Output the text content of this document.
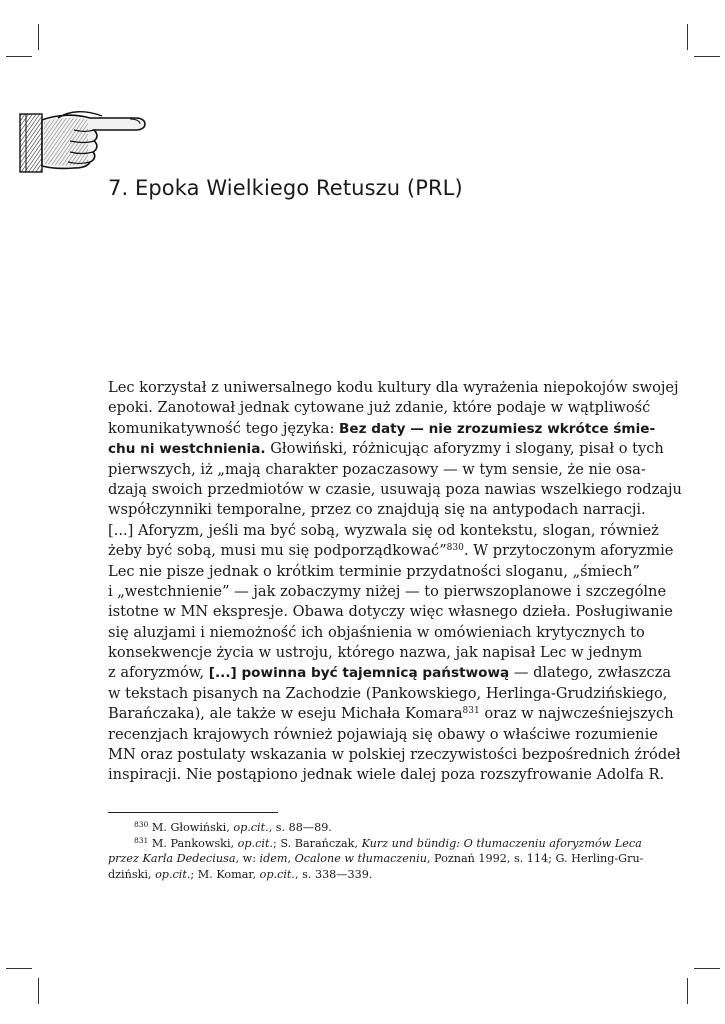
7. Epoka Wielkiego Retuszu (PRL)
Lec korzystał z uniwersalnego kodu kultury dla wyrażenia niepokojów swojej
epoki. Zanotował jednak cytowane już zdanie, które podaje w wątpliwość
komunikatywność tego języka: Bez daty — nie zrozumiesz wkrótce śmie-
chu ni westchnienia. Głowiński, różnicując aforyzmy i slogany, pisał o tych
pierwszych, iż „mają charakter pozaczasowy — w tym sensie, że nie osa-
dzają swoich przedmiotów w czasie, usuwają poza nawias wszelkiego rodzaju
współczynniki temporalne, przez co znajdują się na antypodach narracji.
[...] Aforyzm, jeśli ma być sobą, wyzwala się od kontekstu, slogan, również
żeby być sobą, musi mu się podporządkować”$^{830}$. W przytoczonym aforyzmie
Lec nie pisze jednak o krótkim terminie przydatności sloganu, „śmiech”
i „westchnienie” — jak zobaczymy niżej — to pierwszoplanowe i szczególne
istotne w MN ekspresje. Obawa dotyczy więc własnego dzieła. Posługiwanie
się aluzjami i niemożność ich objaśnienia w omówieniach krytycznych to
konsekwencje życia w ustroju, którego nazwa, jak napisał Lec w jednym
z aforyzmów, [...] powinna być tajemnicą państwową — dlatego, zwłaszcza
w tekstach pisanych na Zachodzie (Pankowskiego, Herlinga-Grudzińskiego,
Barańczaka), ale także w eseju Michała Komara$^{831}$ oraz w najwcześniejszych
recenzjach krajowych również pojawiają się obawy o właściwe rozumienie
MN oraz postulaty wskazania w polskiej rzeczywistości bezpośrednich źródeł
inspiracji. Nie postąpiono jednak wiele dalej poza rozszyfrowanie Adolfa R.
$^{830}$ M. Głowiński, op.cit., s. 88—89.
$^{831}$ M. Pankowski, op.cit.; S. Barańczak, Kurz und bündig: O tłumaczeniu aforyzmów Leca
przez Karla Dedeciusa, w: idem, Ocalone w tłumaczeniu, Poznań 1992, s. 114; G. Herling-Gru-
dziński, op.cit.; M. Komar, op.cit., s. 338—339.
